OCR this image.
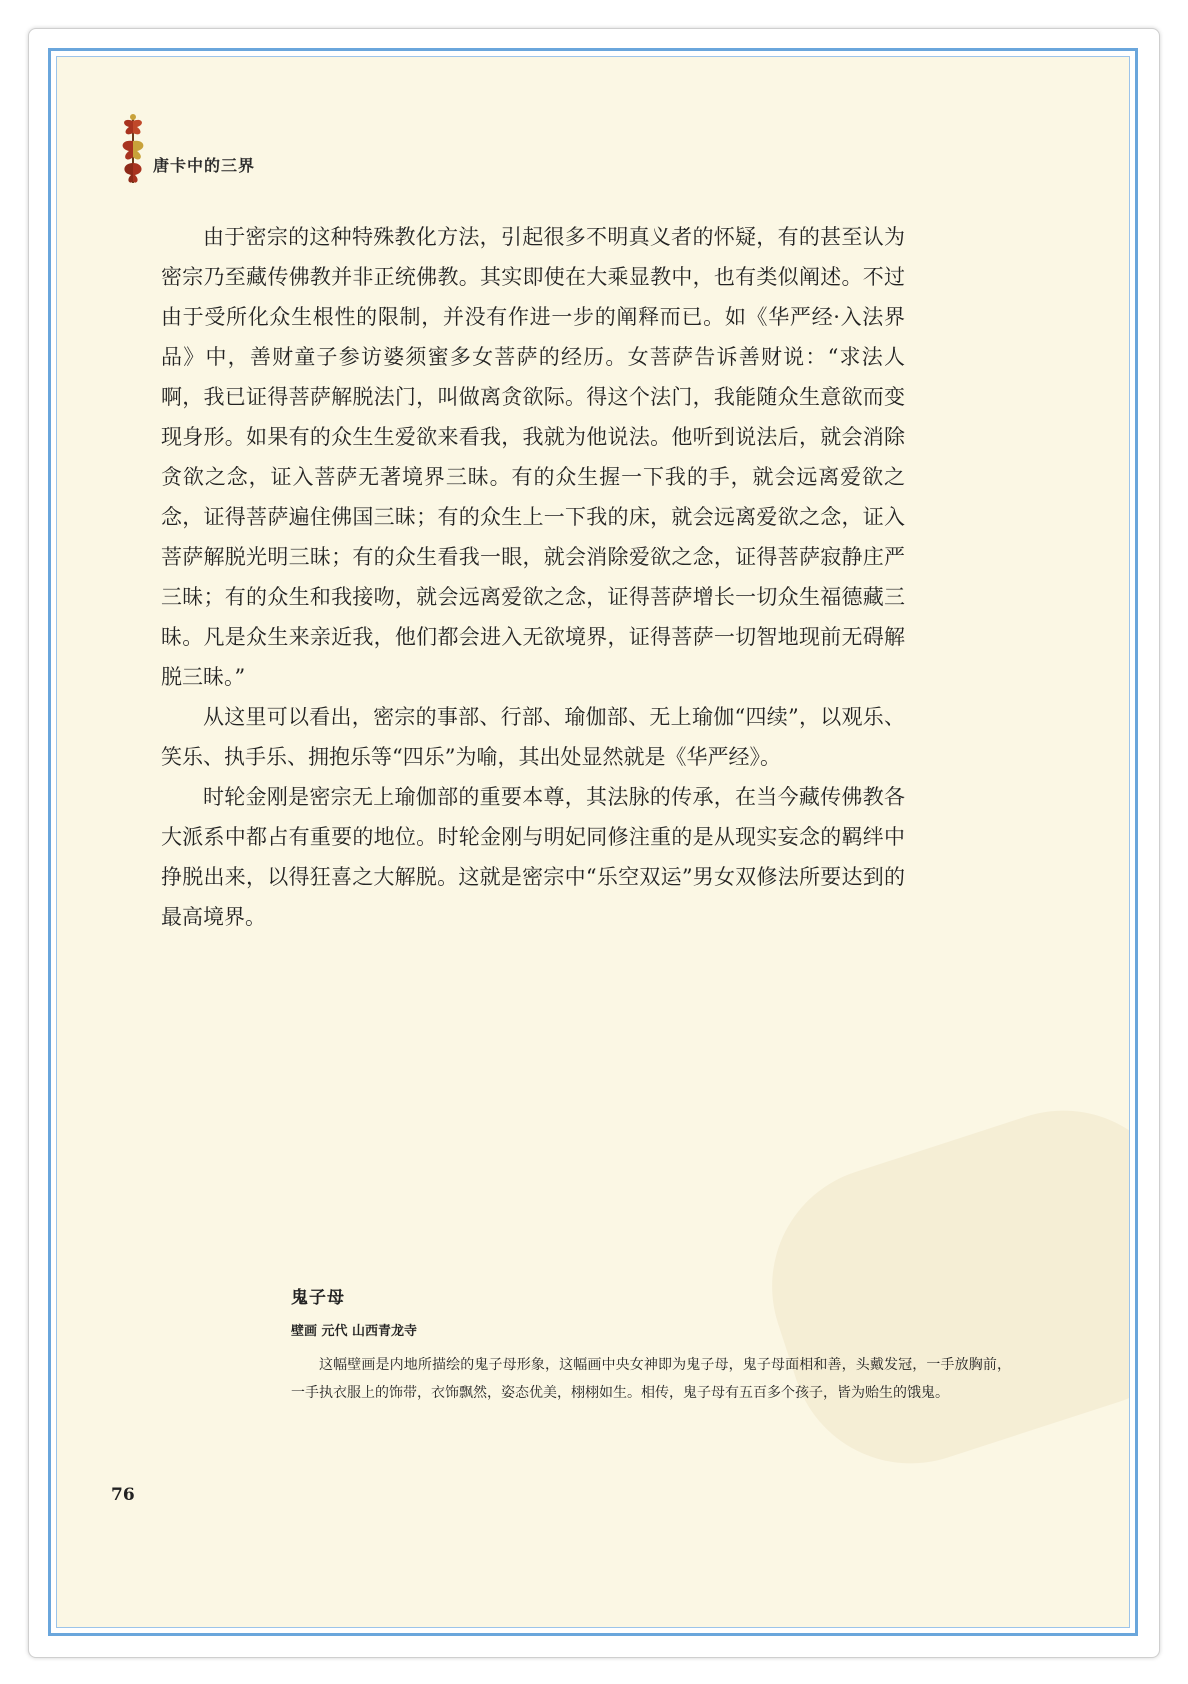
唐卡中的三界

由于密宗的这种特殊教化方法，引起很多不明真义者的怀疑，有的甚至认为密宗乃至藏传佛教并非正统佛教。其实即使在大乘显教中，也有类似阐述。不过由于受所化众生根性的限制，并没有作进一步的阐释而已。如《华严经·入法界品》中，善财童子参访婆须蜜多女菩萨的经历。女菩萨告诉善财说：“求法人啊，我已证得菩萨解脱法门，叫做离贪欲际。得这个法门，我能随众生意欲而变现身形。如果有的众生生爱欲来看我，我就为他说法。他听到说法后，就会消除贪欲之念，证入菩萨无著境界三昧。有的众生握一下我的手，就会远离爱欲之念，证得菩萨遍住佛国三昧；有的众生上一下我的床，就会远离爱欲之念，证入菩萨解脱光明三昧；有的众生看我一眼，就会消除爱欲之念，证得菩萨寂静庄严三昧；有的众生和我接吻，就会远离爱欲之念，证得菩萨增长一切众生福德藏三昧。凡是众生来亲近我，他们都会进入无欲境界，证得菩萨一切智地现前无碍解脱三昧。”

从这里可以看出，密宗的事部、行部、瑜伽部、无上瑜伽“四续”，以观乐、笑乐、执手乐、拥抱乐等“四乐”为喻，其出处显然就是《华严经》。

时轮金刚是密宗无上瑜伽部的重要本尊，其法脉的传承，在当今藏传佛教各大派系中都占有重要的地位。时轮金刚与明妃同修注重的是从现实妄念的羁绊中挣脱出来，以得狂喜之大解脱。这就是密宗中“乐空双运”男女双修法所要达到的最高境界。

鬼子母
壁画 元代 山西青龙寺

这幅壁画是内地所描绘的鬼子母形象，这幅画中央女神即为鬼子母，鬼子母面相和善，头戴发冠，一手放胸前，一手执衣服上的饰带，衣饰飘然，姿态优美，栩栩如生。相传，鬼子母有五百多个孩子，皆为贻生的饿鬼。

76
